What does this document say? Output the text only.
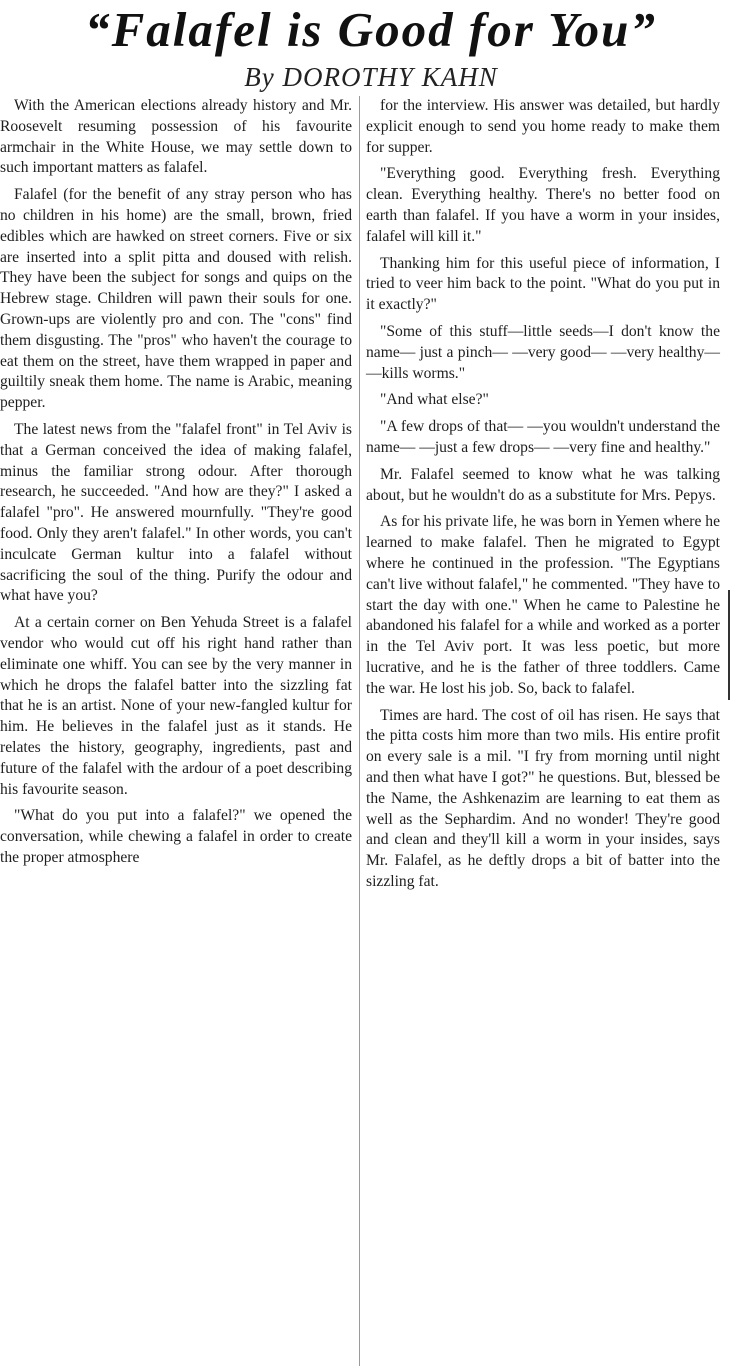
“Falafel is Good for You”
By DOROTHY KAHN

With the American elections already history and Mr. Roosevelt resuming possession of his favourite armchair in the White House, we may settle down to such important matters as falafel.

Falafel (for the benefit of any stray person who has no children in his home) are the small, brown, fried edibles which are hawked on street corners. Five or six are inserted into a split pitta and doused with relish. They have been the subject for songs and quips on the Hebrew stage. Children will pawn their souls for one. Grown-ups are violently pro and con. The "cons" find them disgusting. The "pros" who haven't the courage to eat them on the street, have them wrapped in paper and guiltily sneak them home. The name is Arabic, meaning pepper.

The latest news from the "falafel front" in Tel Aviv is that a German conceived the idea of making falafel, minus the familiar strong odour. After thorough research, he succeeded. "And how are they?" I asked a falafel "pro". He answered mournfully. "They're good food. Only they aren't falafel." In other words, you can't inculcate German kultur into a falafel without sacrificing the soul of the thing. Purify the odour and what have you?

At a certain corner on Ben Yehuda Street is a falafel vendor who would cut off his right hand rather than eliminate one whiff. You can see by the very manner in which he drops the falafel batter into the sizzling fat that he is an artist. None of your new-fangled kultur for him. He believes in the falafel just as it stands. He relates the history, geography, ingredients, past and future of the falafel with the ardour of a poet describing his favourite season.

"What do you put into a falafel?" we opened the conversation, while chewing a falafel in order to create the proper atmosphere

for the interview. His answer was detailed, but hardly explicit enough to send you home ready to make them for supper.

"Everything good. Everything fresh. Everything clean. Everything healthy. There's no better food on earth than falafel. If you have a worm in your insides, falafel will kill it."

Thanking him for this useful piece of information, I tried to veer him back to the point. "What do you put in it exactly?"

"Some of this stuff—little seeds—I don't know the name— just a pinch— —very good— —very healthy— —kills worms."

"And what else?"

"A few drops of that— —you wouldn't understand the name— —just a few drops— —very fine and healthy."

Mr. Falafel seemed to know what he was talking about, but he wouldn't do as a substitute for Mrs. Pepys.

As for his private life, he was born in Yemen where he learned to make falafel. Then he migrated to Egypt where he continued in the profession. "The Egyptians can't live without falafel," he commented. "They have to start the day with one." When he came to Palestine he abandoned his falafel for a while and worked as a porter in the Tel Aviv port. It was less poetic, but more lucrative, and he is the father of three toddlers. Came the war. He lost his job. So, back to falafel.

Times are hard. The cost of oil has risen. He says that the pitta costs him more than two mils. His entire profit on every sale is a mil. "I fry from morning until night and then what have I got?" he questions. But, blessed be the Name, the Ashkenazim are learning to eat them as well as the Sephardim. And no wonder! They're good and clean and they'll kill a worm in your insides, says Mr. Falafel, as he deftly drops a bit of batter into the sizzling fat.
